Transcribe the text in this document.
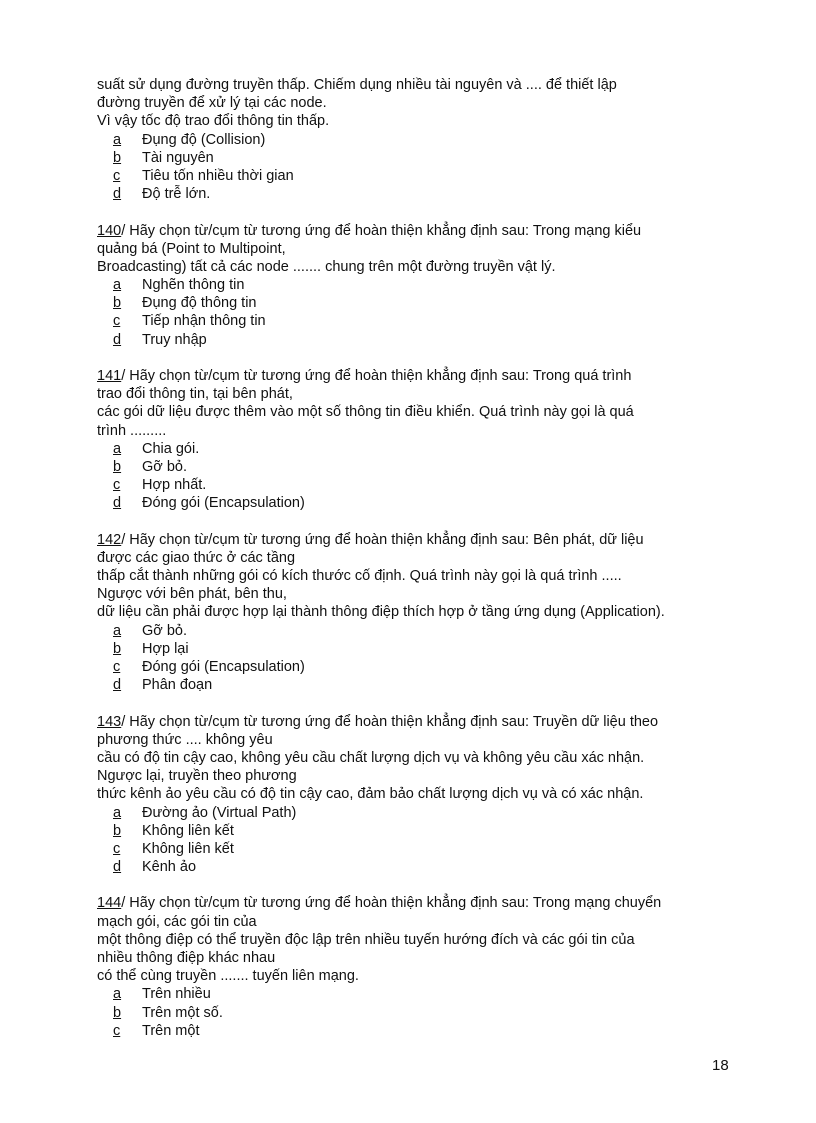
suất sử dụng đường truyền thấp. Chiếm dụng nhiều tài nguyên và .... để thiết lập
đường truyền để xử lý tại các node.
Vì vậy tốc độ trao đổi thông tin thấp.
a Đụng độ (Collision)
b Tài nguyên
c Tiêu tốn nhiều thời gian
d Độ trễ lớn.
140/ Hãy chọn từ/cụm từ tương ứng để hoàn thiện khẳng định sau: Trong mạng kiểu
quảng bá (Point to Multipoint,
Broadcasting) tất cả các node ....... chung trên một đường truyền vật lý.
a Nghẽn thông tin
b Đụng độ thông tin
c Tiếp nhận thông tin
d Truy nhập
141/ Hãy chọn từ/cụm từ tương ứng để hoàn thiện khẳng định sau: Trong quá trình
trao đổi thông tin, tại bên phát,
các gói dữ liệu được thêm vào một số thông tin điều khiển. Quá trình này gọi là quá
trình .........
a Chia gói.
b Gỡ bỏ.
c Hợp nhất.
d Đóng gói (Encapsulation)
142/ Hãy chọn từ/cụm từ tương ứng để hoàn thiện khẳng định sau: Bên phát, dữ liệu
được các giao thức ở các tầng
thấp cắt thành những gói có kích thước cố định. Quá trình này gọi là quá trình .....
Ngược với bên phát, bên thu,
dữ liệu cần phải được hợp lại thành thông điệp thích hợp ở tầng ứng dụng (Application).
a Gỡ bỏ.
b Hợp lại
c Đóng gói (Encapsulation)
d Phân đoạn
143/ Hãy chọn từ/cụm từ tương ứng để hoàn thiện khẳng định sau: Truyền dữ liệu theo
phương thức .... không yêu
cầu có độ tin cậy cao, không yêu cầu chất lượng dịch vụ và không yêu cầu xác nhận.
Ngược lại, truyền theo phương
thức kênh ảo yêu cầu có độ tin cậy cao, đảm bảo chất lượng dịch vụ và có xác nhận.
a Đường ảo (Virtual Path)
b Không liên kết
c Không liên kết
d Kênh ảo
144/ Hãy chọn từ/cụm từ tương ứng để hoàn thiện khẳng định sau: Trong mạng chuyển
mạch gói, các gói tin của
một thông điệp có thể truyền độc lập trên nhiều tuyến hướng đích và các gói tin của
nhiều thông điệp khác nhau
có thể cùng truyền ....... tuyến liên mạng.
a Trên nhiều
b Trên một số.
c Trên một
18
